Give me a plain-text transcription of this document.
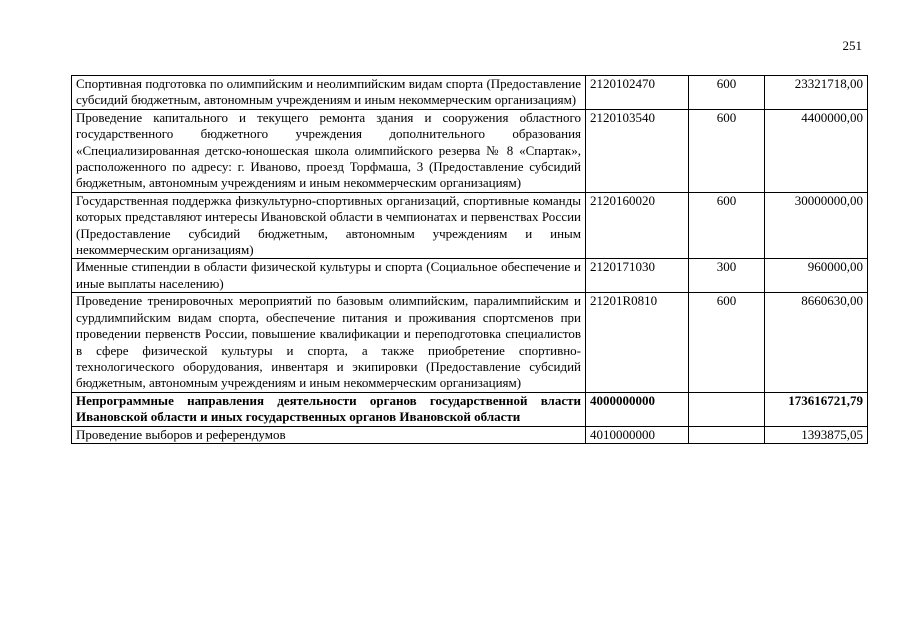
251
Спортивная подготовка по олимпийским и неолимпийским видам спорта (Предоставление субсидий бюджетным, автономным учреждениям и иным некоммерческим организациям)	2120102470	600	23321718,00
Проведение капитального и текущего ремонта здания и сооружения областного государственного бюджетного учреждения дополнительного образования «Специализированная детско-юношеская школа олимпийского резерва № 8 «Спартак», расположенного по адресу: г. Иваново, проезд Торфмаша, 3 (Предоставление субсидий бюджетным, автономным учреждениям и иным некоммерческим организациям)	2120103540	600	4400000,00
Государственная поддержка физкультурно-спортивных организаций, спортивные команды которых представляют интересы Ивановской области в чемпионатах и первенствах России (Предоставление субсидий бюджетным, автономным учреждениям и иным некоммерческим организациям)	2120160020	600	30000000,00
Именные стипендии в области физической культуры и спорта (Социальное обеспечение и иные выплаты населению)	2120171030	300	960000,00
Проведение тренировочных мероприятий по базовым олимпийским, паралимпийским и сурдлимпийским видам спорта, обеспечение питания и проживания спортсменов при проведении первенств России, повышение квалификации и переподготовка специалистов в сфере физической культуры и спорта, а также приобретение спортивно-технологического оборудования, инвентаря и экипировки (Предоставление субсидий бюджетным, автономным учреждениям и иным некоммерческим организациям)	21201R0810	600	8660630,00
Непрограммные направления деятельности органов государственной власти Ивановской области и иных государственных органов Ивановской области	4000000000		173616721,79
Проведение выборов и референдумов	4010000000		1393875,05
